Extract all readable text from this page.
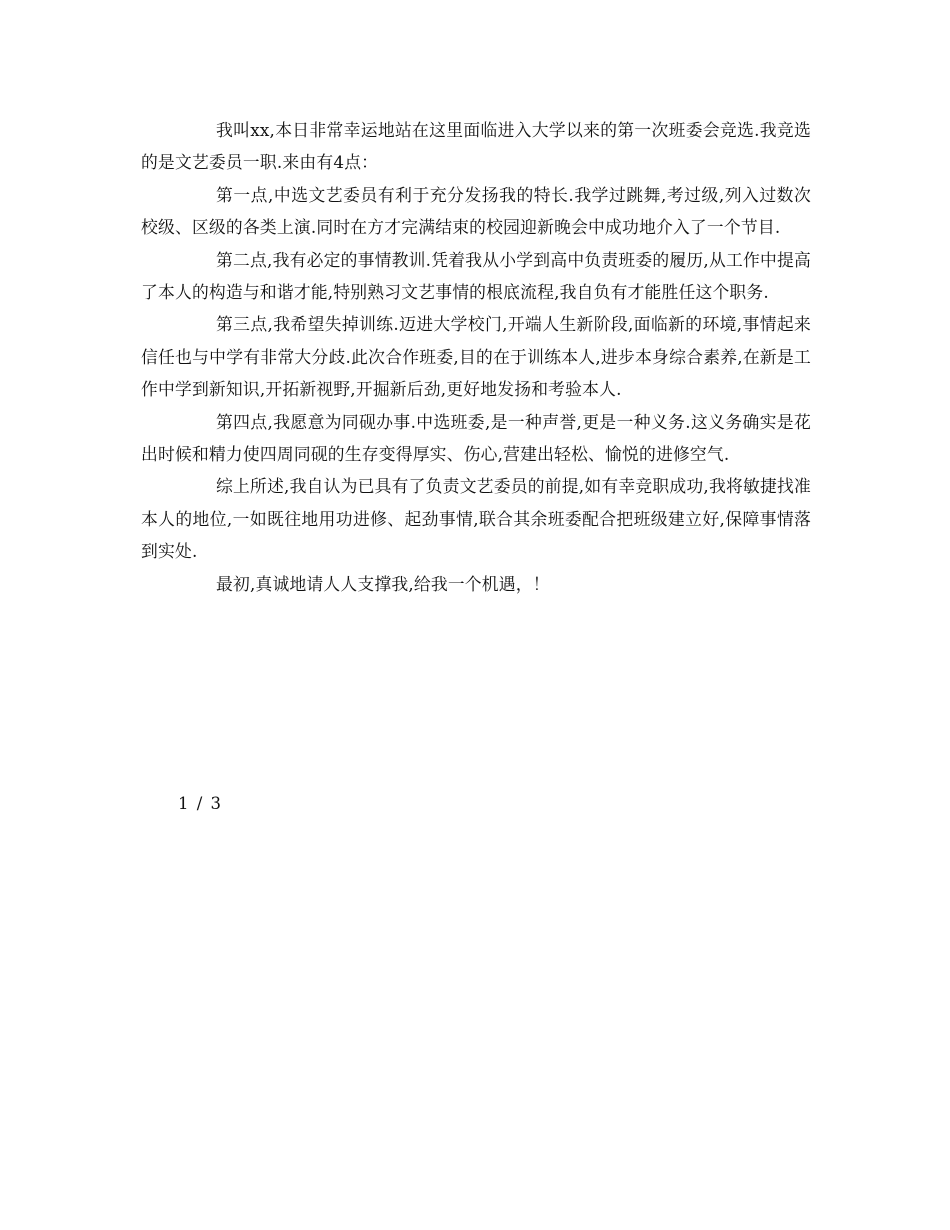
我叫xx,本日非常幸运地站在这里面临进入大学以来的第一次班委会竞选.我竞选的是文艺委员一职.来由有4点：

第一点,中选文艺委员有利于充分发扬我的特长.我学过跳舞,考过级,列入过数次校级、区级的各类上演.同时在方才完满结束的校园迎新晚会中成功地介入了一个节目.

第二点,我有必定的事情教训.凭着我从小学到高中负责班委的履历,从工作中提高了本人的构造与和谐才能,特别熟习文艺事情的根底流程,我自负有才能胜任这个职务.

第三点,我希望失掉训练.迈进大学校门,开端人生新阶段,面临新的环境,事情起来信任也与中学有非常大分歧.此次合作班委,目的在于训练本人,进步本身综合素养,在新是工作中学到新知识,开拓新视野,开掘新后劲,更好地发扬和考验本人.

第四点,我愿意为同砚办事.中选班委,是一种声誉,更是一种义务.这义务确实是花出时候和精力使四周同砚的生存变得厚实、伤心,营建出轻松、愉悦的进修空气.

综上所述,我自认为已具有了负责文艺委员的前提,如有幸竞职成功,我将敏捷找准本人的地位,一如既往地用功进修、起劲事情,联合其余班委配合把班级建立好,保障事情落到实处.

最初,真诚地请人人支撑我,给我一个机遇，！

1 / 3
